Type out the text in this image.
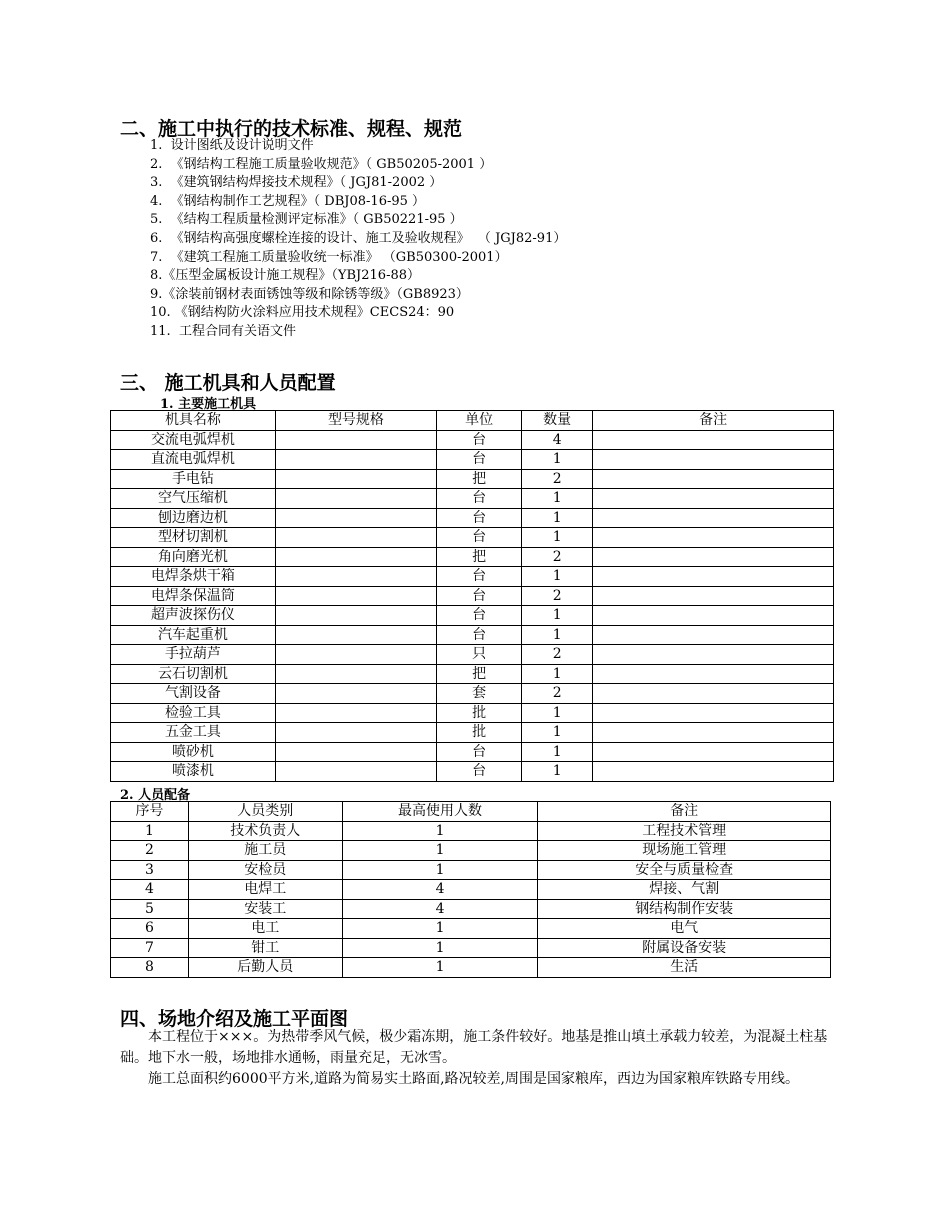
二、施工中执行的技术标准、规程、规范
1.  设计图纸及设计说明文件
2.  《钢结构工程施工质量验收规范》（ GB50205-2001 ）
3.  《建筑钢结构焊接技术规程》（ JGJ81-2002 ）
4.  《钢结构制作工艺规程》（ DBJ08-16-95 ）
5.  《结构工程质量检测评定标准》（ GB50221-95 ）
6.  《钢结构高强度螺栓连接的设计、施工及验收规程》  （ JGJ82-91）
7.  《建筑工程施工质量验收统一标准》 （GB50300-2001）
8.《压型金属板设计施工规程》（YBJ216-88）
9.《涂装前钢材表面锈蚀等级和除锈等级》（GB8923）
10. 《钢结构防火涂料应用技术规程》CECS24：90
11.  工程合同有关语文件
三、 施工机具和人员配置
1. 主要施工机具
机具名称	型号规格	单位	数量	备注
交流电弧焊机		台	4	
直流电弧焊机		台	1	
手电钻		把	2	
空气压缩机		台	1	
刨边磨边机		台	1	
型材切割机		台	1	
角向磨光机		把	2	
电焊条烘干箱		台	1	
电焊条保温筒		台	2	
超声波探伤仪		台	1	
汽车起重机		台	1	
手拉葫芦		只	2	
云石切割机		把	1	
气割设备		套	2	
检验工具		批	1	
五金工具		批	1	
喷砂机		台	1	
喷漆机		台	1	
2. 人员配备
序号	人员类别	最高使用人数	备注
1	技术负责人	1	工程技术管理
2	施工员	1	现场施工管理
3	安检员	1	安全与质量检查
4	电焊工	4	焊接、气割
5	安装工	4	钢结构制作安装
6	电工	1	电气
7	钳工	1	附属设备安装
8	后勤人员	1	生活
四、场地介绍及施工平面图

本工程位于×××。为热带季风气候，极少霜冻期，施工条件较好。地基是推山填土承载力较差，为混凝土柱基础。地下水一般，场地排水通畅，雨量充足，无冰雪。

施工总面积约6000平方米,道路为简易实土路面,路况较差,周围是国家粮库，西边为国家粮库铁路专用线。
